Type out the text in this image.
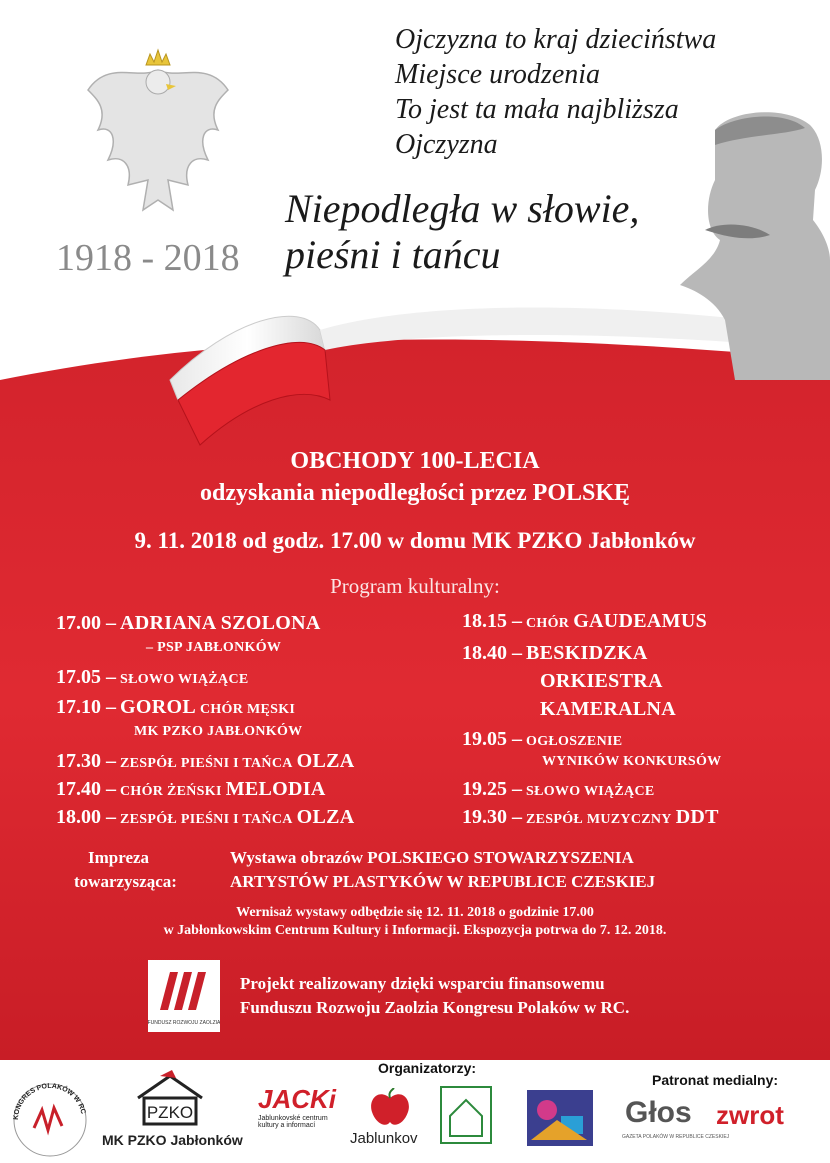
1918 - 2018
Ojczyzna to kraj dzieciństwa
Miejsce urodzenia
To jest ta mała najbliższa
Ojczyzna
Niepodległa w słowie,
pieśni i tańcu
OBCHODY 100-LECIA
odzyskania niepodległości przez POLSKĘ
9. 11. 2018 od godz. 17.00 w domu MK PZKO Jabłonków
Program kulturalny:
17.00 – ADRIANA SZOLONA
– PSP JABŁONKÓW
17.05 – SŁOWO WIĄŻĄCE
17.10 – GOROL CHÓR MĘSKI
MK PZKO JABŁONKÓW
17.30 – ZESPÓŁ PIEŚNI I TAŃCA OLZA
17.40 – CHÓR ŻEŃSKI MELODIA
18.00 – ZESPÓŁ PIEŚNI I TAŃCA OLZA
18.15 – CHÓR GAUDEAMUS
18.40 – BESKIDZKA
ORKIESTRA
KAMERALNA
19.05 – OGŁOSZENIE
WYNIKÓW KONKURSÓW
19.25 – SŁOWO WIĄŻĄCE
19.30 – ZESPÓŁ MUZYCZNY DDT
Impreza
towarzysząca:
Wystawa obrazów POLSKIEGO STOWARZYSZENIA
ARTYSTÓW PLASTYKÓW W REPUBLICE CZESKIEJ
Wernisaż wystawy odbędzie się 12. 11. 2018 o godzinie 17.00
w Jabłonkowskim Centrum Kultury i Informacji. Ekspozycja potrwa do 7. 12. 2018.
FUNDUSZ ROZWOJU ZAOLZIA
Projekt realizowany dzięki wsparciu finansowemu
Funduszu Rozwoju Zaolzia Kongresu Polaków w RC.
Organizatorzy:
Patronat medialny:
KONGRES POLAKÓW W RC	PZKO
MK PZKO Jabłonków
JACKi
Jablunkovské centrum
kultury a informací
Jablunkov
Głos
GAZETA POLAKÓW W REPUBLICE CZESKIEJ
zwrot
